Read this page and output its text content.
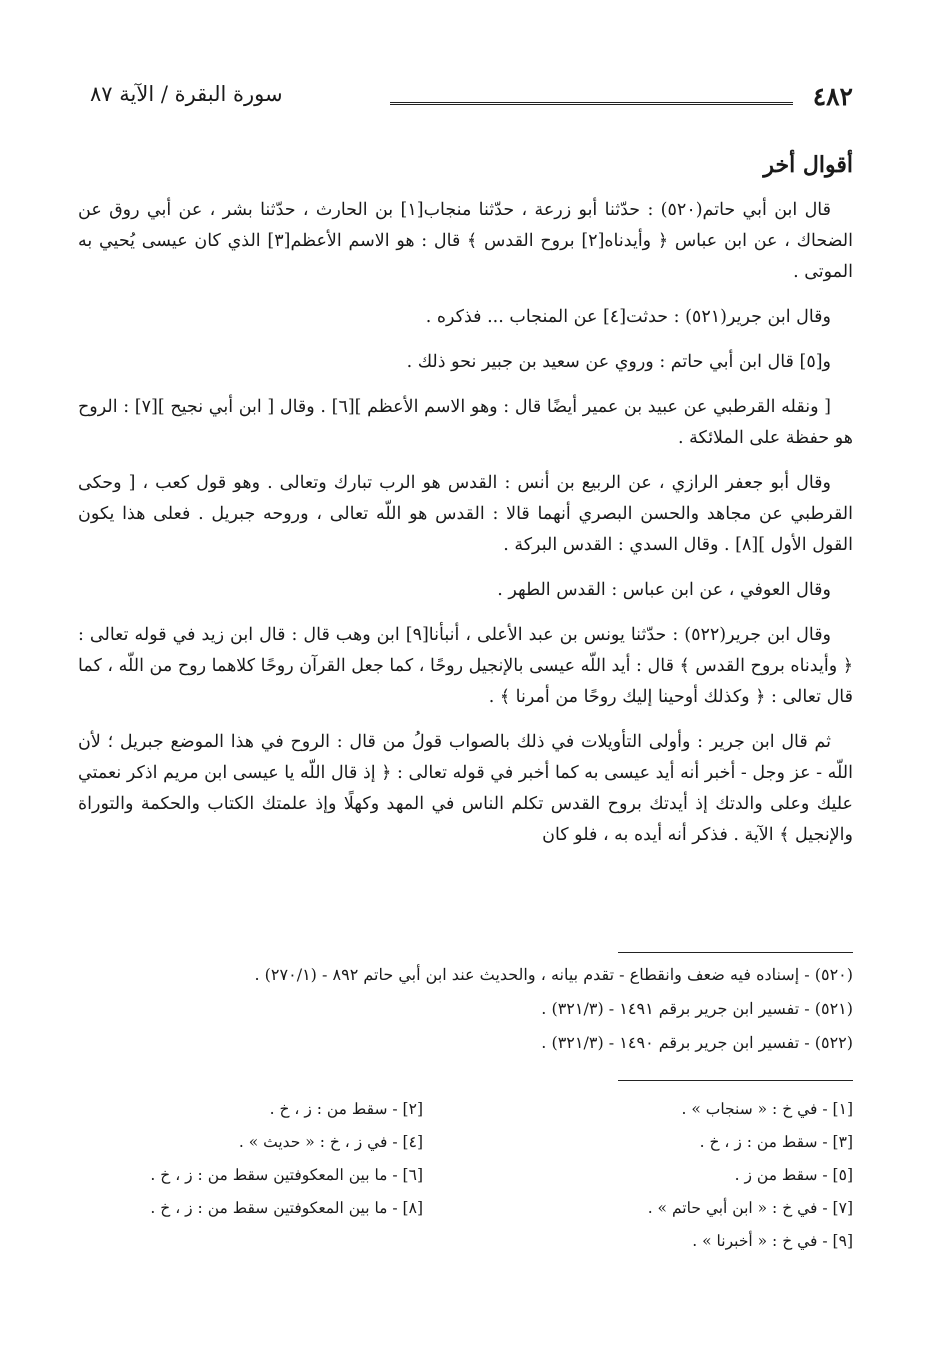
٤٨٢
سورة البقرة / الآية ٨٧
أقوال أخر

قال ابن أبي حاتم(٥٢٠) : حدّثنا أبو زرعة ، حدّثنا منجاب[١] بن الحارث ، حدّثنا بشر ، عن أبي روق عن الضحاك ، عن ابن عباس ﴿ وأيدناه[٢] بروح القدس ﴾ قال : هو الاسم الأعظم[٣] الذي كان عيسى يُحيي به الموتى .

وقال ابن جرير(٥٢١) : حدثت[٤] عن المنجاب ... فذكره .

و[٥] قال ابن أبي حاتم : وروي عن سعيد بن جبير نحو ذلك .

[ ونقله القرطبي عن عبيد بن عمير أيضًا قال : وهو الاسم الأعظم ][٦] . وقال [ ابن أبي نجيح ][٧] : الروح هو حفظة على الملائكة .

وقال أبو جعفر الرازي ، عن الربيع بن أنس : القدس هو الرب تبارك وتعالى . وهو قول كعب ، [ وحكى القرطبي عن مجاهد والحسن البصري أنهما قالا : القدس هو اللّه تعالى ، وروحه جبريل . فعلى هذا يكون القول الأول ][٨] . وقال السدي : القدس البركة .

وقال العوفي ، عن ابن عباس : القدس الطهر .

وقال ابن جرير(٥٢٢) : حدّثنا يونس بن عبد الأعلى ، أنبأنا[٩] ابن وهب قال : قال ابن زيد في قوله تعالى : ﴿ وأيدناه بروح القدس ﴾ قال : أيد اللّه عيسى بالإنجيل روحًا ، كما جعل القرآن روحًا كلاهما روح من اللّه ، كما قال تعالى : ﴿ وكذلك أوحينا إليك روحًا من أمرنا ﴾ .

ثم قال ابن جرير : وأولى التأويلات في ذلك بالصواب قولُ من قال : الروح في هذا الموضع جبريل ؛ لأن اللّه - عز وجل - أخبر أنه أيد عيسى به كما أخبر في قوله تعالى : ﴿ إذ قال اللّه يا عيسى ابن مريم اذكر نعمتي عليك وعلى والدتك إذ أيدتك بروح القدس تكلم الناس في المهد وكهلًا وإذ علمتك الكتاب والحكمة والتوراة والإنجيل ﴾ الآية . فذكر أنه أيده به ، فلو كان

(٥٢٠) - إسناده فيه ضعف وانقطاع - تقدم بيانه ، والحديث عند ابن أبي حاتم ٨٩٢ - (٢٧٠/١) .

(٥٢١) - تفسير ابن جرير برقم ١٤٩١ - (٣٢١/٣) .

(٥٢٢) - تفسير ابن جرير برقم ١٤٩٠ - (٣٢١/٣) .

[١] - في خ : « سنجاب » .

[٣] - سقط من : ز ، خ .

[٥] - سقط من ز .

[٧] - في خ : « ابن أبي حاتم » .

[٩] - في خ : « أخبرنا » .

[٢] - سقط من : ز ، خ .

[٤] - في ز ، خ : « حديث » .

[٦] - ما بين المعكوفتين سقط من : ز ، خ .

[٨] - ما بين المعكوفتين سقط من : ز ، خ .
